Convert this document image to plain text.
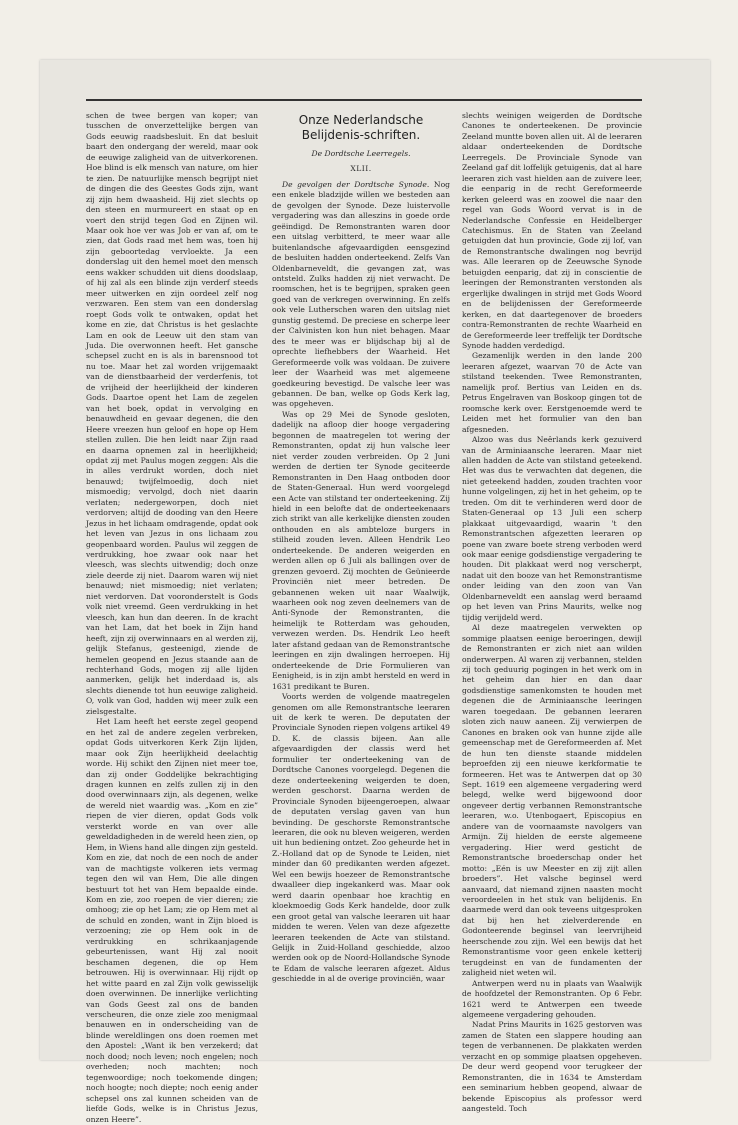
schen de twee bergen van koper; van tusschen de onverzettelijke bergen van Gods eeuwig raadsbesluit. En dat besluit baart den ondergang der wereld, maar ook de eeuwige zaligheid van de uitverkorenen. Hoe blind is elk mensch van nature, om hier te zien. De natuurlijke mensch begrijpt niet de dingen die des Geestes Gods zijn, want zij zijn hem dwaasheid. Hij ziet slechts op den steen en murmureert en staat op en voert den strijd tegen God en Zijnen wil. Maar ook hoe ver was Job er van af, om te zien, dat Gods raad met hem was, toen hij zijn geboortedag vervloekte. Ja een donderslag uit den hemel moet den mensch eens wakker schudden uit diens doodslaap, of hij zal als een blinde zijn verderf steeds meer uitwerken en zijn oordeel zelf nog verzwaren. Een stem van een donderslag roept Gods volk te ontwaken, opdat het kome en zie, dat Christus is het geslachte Lam en ook de Leeuw uit den stam van Juda. Die overwonnen heeft. Het gansche schepsel zucht en is als in barensnood tot nu toe. Maar het zal worden vrijgemaakt van de dienstbaarheid der verderfenis, tot de vrijheid der heerlijkheid der kinderen Gods. Daartoe opent het Lam de zegelen van het boek, opdat in vervolging en benauwdheid en gevaar degenen, die den Heere vreezen hun geloof en hope op Hem stellen zullen. Die hen leidt naar Zijn raad en daarna opnemen zal in heerlijkheid; opdat zij met Paulus mogen zeggen: Als die in alles verdrukt worden, doch niet benauwd; twijfelmoedig, doch niet mismoedig; vervolgd, doch niet daarin verlaten; nedergeworpen, doch niet verdorven; altijd de dooding van den Heere Jezus in het lichaam omdragende, opdat ook het leven van Jezus in ons lichaam zou geopenbaard worden. Paulus wil zeggen de verdrukking, hoe zwaar ook naar het vleesch, was slechts uitwendig; doch onze ziele deerde zij niet. Daarom waren wij niet benauwd; niet mismoedig; niet verlaten; niet verdorven. Dat vooronderstelt is Gods volk niet vreemd. Geen verdrukking in het vleesch, kan hun dan deeren. In de kracht van het Lam, dat het boek in Zijn hand heeft, zijn zij overwinnaars en al werden zij, gelijk Stefanus, gesteenigd, ziende de hemelen geopend en Jezus staande aan de rechterhand Gods, mogen zij alle lijden aanmerken, gelijk het inderdaad is, als slechts dienende tot hun eeuwige zaligheid. O, volk van God, hadden wij meer zulk een zielsgestalte.

Het Lam heeft het eerste zegel geopend en het zal de andere zegelen verbreken, opdat Gods uitverkoren Kerk Zijn lijden, maar ook Zijn heerlijkheid deelachtig worde. Hij schikt den Zijnen niet meer toe, dan zij onder Goddelijke bekrachtiging dragen kunnen en zelfs zullen zij in den dood overwinnaars zijn, als degenen, welke de wereld niet waardig was. „Kom en zie” riepen de vier dieren, opdat Gods volk versterkt worde en van over alle geweldadigheden in de wereld heen zien, op Hem, in Wiens hand alle dingen zijn gesteld. Kom en zie, dat noch de een noch de ander van de machtigste volkeren iets vermag tegen den wil van Hem, Die alle dingen bestuurt tot het van Hem bepaalde einde. Kom en zie, zoo roepen de vier dieren; zie omhoog; zie op het Lam; zie op Hem met al de schuld en zonden, want in Zijn bloed is verzoening; zie op Hem ook in de verdrukking en schrikaanjagende gebeurtenissen, want Hij zal nooit beschamen degenen, die op Hem betrouwen. Hij is overwinnaar. Hij rijdt op het witte paard en zal Zijn volk gewisselijk doen overwinnen. De innerlijke verlichting van Gods Geest zal ons de banden verscheuren, die onze ziele zoo menigmaal benauwen en in onderscheiding van de blinde wereldlingen ons doen roemen met den Apostel: „Want ik ben verzekerd; dat noch dood; noch leven; noch engelen; noch overheden; noch machten; noch tegenwoordige; noch toekomende dingen; noch hoogte; noch diepte; noch eenig ander schepsel ons zal kunnen scheiden van de liefde Gods, welke is in Christus Jezus, onzen Heere”.

Onze Nederlandsche Belijdenis-schriften.
De Dordtsche Leerregels.
XLII.

De gevolgen der Dordtsche Synode. Nog een enkele bladzijde willen we besteden aan de gevolgen der Synode. Deze luistervolle vergadering was dan alleszins in goede orde geëindigd. De Remonstranten waren door een uitslag verbitterd, te meer waar alle buitenlandsche afgevaardigden eensgezind de besluiten hadden onderteekend. Zelfs Van Oldenbarneveldt, die gevangen zat, was ontsteld. Zulks hadden zij niet verwacht. De roomschen, het is te begrijpen, spraken geen goed van de verkregen overwinning. En zelfs ook vele Lutherschen waren den uitslag niet gunstig gestemd. De preciese en scherpe leer der Calvinisten kon hun niet behagen. Maar des te meer was er blijdschap bij al de oprechte liefhebbers der Waarheid. Het Gereformeerde volk was voldaan. De zuivere leer der Waarheid was met algemeene goedkeuring bevestigd. De valsche leer was gebannen. De ban, welke op Gods Kerk lag, was opgeheven.

Was op 29 Mei de Synode gesloten, dadelijk na afloop dier hooge vergadering begonnen de maatregelen tot wering der Remonstranten, opdat zij hun valsche leer niet verder zouden verbreiden. Op 2 Juni werden de dertien ter Synode geciteerde Remonstranten in Den Haag ontboden door de Staten-Generaal. Hun werd voorgelegd een Acte van stilstand ter onderteekening. Zij hield in een belofte dat de onderteekenaars zich strikt van alle kerkelijke diensten zouden onthouden en als ambteloze burgers in stilheid zouden leven. Alleen Hendrik Leo onderteekende. De anderen weigerden en werden allen op 6 Juli als ballingen over de grenzen gevoerd. Zij mochten de Geünieerde Provinciën niet meer betreden. De gebannenen weken uit naar Waalwijk, waarheen ook nog zeven deelnemers van de Anti-Synode der Remonstranten, die heimelijk te Rotterdam was gehouden, verwezen werden. Ds. Hendrik Leo heeft later afstand gedaan van de Remonstrantsche leeringen en zijn dwalingen herroepen. Hij onderteekende de Drie Formulieren van Eenigheid, is in zijn ambt hersteld en werd in 1631 predikant te Buren.

Voorts werden de volgende maatregelen genomen om alle Remonstrantsche leeraren uit de kerk te weren. De deputaten der Provinciale Synoden riepen volgens artikel 49 D. K. de classis bijeen. Aan alle afgevaardigden der classis werd het formulier ter onderteekening van de Dordtsche Canones voorgelegd. Degenen die deze onderteekening weigerden te doen, werden geschorst. Daarna werden de Provinciale Synoden bijeengeroepen, alwaar de deputaten verslag gaven van hun bevinding. De geschorste Remonstrantsche leeraren, die ook nu bleven weigeren, werden uit hun bediening ontzet. Zoo geheurde het in Z.-Holland dat op de Synode te Leiden, niet minder dan 60 predikanten werden afgezet. Wel een bewijs hoezeer de Remonstrantsche dwaalleer diep ingekankerd was. Maar ook werd daarin openbaar hoe krachtig en kloekmoedig Gods Kerk handelde, door zulk een groot getal van valsche leeraren uit haar midden te weren. Velen van deze afgezette leeraren teekenden de Acte van stilstand. Gelijk in Zuid-Holland geschiedde, alzoo werden ook op de Noord-Hollandsche Synode te Edam de valsche leeraren afgezet. Aldus geschiedde in al de overige provinciën, waar

slechts weinigen weigerden de Dordtsche Canones te onderteekenen. De provincie Zeeland muntte boven allen uit. Al de leeraren aldaar onderteekenden de Dordtsche Leerregels. De Provinciale Synode van Zeeland gaf dit loffelijk getuigenis, dat al hare leeraren zich vast hielden aan de zuivere leer, die eenparig in de recht Gereformeerde kerken geleerd was en zoowel die naar den regel van Gods Woord vervat is in de Nederlandsche Confessie en Heidelberger Catechismus. En de Staten van Zeeland getuigden dat hun provincie, Gode zij lof, van de Remonstrantsche dwalingen nog bevrijd was. Alle leeraren op de Zeeuwsche Synode betuigden eenparig, dat zij in conscientie de leeringen der Remonstranten verstonden als ergerlijke dwalingen in strijd met Gods Woord en de belijdenissen der Gereformeerde kerken, en dat daartegenover de broeders contra-Remonstranten de rechte Waarheid en de Gereformeerde leer treffelijk ter Dordtsche Synode hadden verdedigd.

Gezamenlijk werden in den lande 200 leeraren afgezet, waarvan 70 de Acte van stilstand teekenden. Twee Remonstranten, namelijk prof. Bertius van Leiden en ds. Petrus Engelraven van Boskoop gingen tot de roomsche kerk over. Eerstgenoemde werd te Leiden met het formulier van den ban afgesneden.

Alzoo was dus Neêrlands kerk gezuiverd van de Arminiaansche leeraren. Maar niet allen hadden de Acte van stilstand geteekend. Het was dus te verwachten dat degenen, die niet geteekend hadden, zouden trachten voor hunne volgelingen, zij het in het geheim, op te treden. Om dit te verhinderen werd door de Staten-Generaal op 13 Juli een scherp plakkaat uitgevaardigd, waarin 't den Remonstrantschen afgezetten leeraren op poene van zware boete streng verboden werd ook maar eenige godsdienstige vergadering te houden. Dit plakkaat werd nog verscherpt, nadat uit den booze van het Remonstrantisme onder leiding van den zoon van Van Oldenbarneveldt een aanslag werd beraamd op het leven van Prins Maurits, welke nog tijdig verijdeld werd.

Al deze maatregelen verwekten op sommige plaatsen eenige beroeringen, dewijl de Remonstranten er zich niet aan wilden onderwerpen. Al waren zij verbannen, stelden zij toch geduurig pogingen in het werk om in het geheim dan hier en dan daar godsdienstige samenkomsten te houden met degenen die de Arminiaansche leeringen waren toegedaan. De gebannen leeraren sloten zich nauw aaneen. Zij verwierpen de Canones en braken ook van hunne zijde alle gemeenschap met de Gereformeerden af. Met de hun ten dienste staande middelen beproefden zij een nieuwe kerkformatie te formeeren. Het was te Antwerpen dat op 30 Sept. 1619 een algemeene vergadering werd belegd, welke werd bijgewoond door ongeveer dertig verbannen Remonstrantsche leeraren, w.o. Utenbogaert, Episcopius en andere van de voornaamste navolgers van Armijn. Zij hielden de eerste algemeene vergadering. Hier werd gesticht de Remonstrantsche broederschap onder het motto: „Eén is uw Meester en zij zijt allen broeders”. Het valsche beginsel werd aanvaard, dat niemand zijnen naasten mocht veroordeelen in het stuk van belijdenis. En daarmede werd dan ook teveens uitgesproken dat bij hen het zielverderende en Godonteerende beginsel van leervrijheid heerschende zou zijn. Wel een bewijs dat het Remonstrantisme voor geen enkele ketterij terugdeinst en van de fundamenten der zaligheid niet weten wil.

Antwerpen werd nu in plaats van Waalwijk de hoofdzetel der Remonstranten. Op 6 Febr. 1621 werd te Antwerpen een tweede algemeene vergadering gehouden.

Nadat Prins Maurits in 1625 gestorven was zamen de Staten een slappere houding aan tegen de verbannenen. De plakkaten werden verzacht en op sommige plaatsen opgeheven. De deur werd geopend voor terugkeer der Remonstranten, die in 1634 te Amsterdam een seminarium hebben geopend, alwaar de bekende Episcopius als professor werd aangesteld. Toch
